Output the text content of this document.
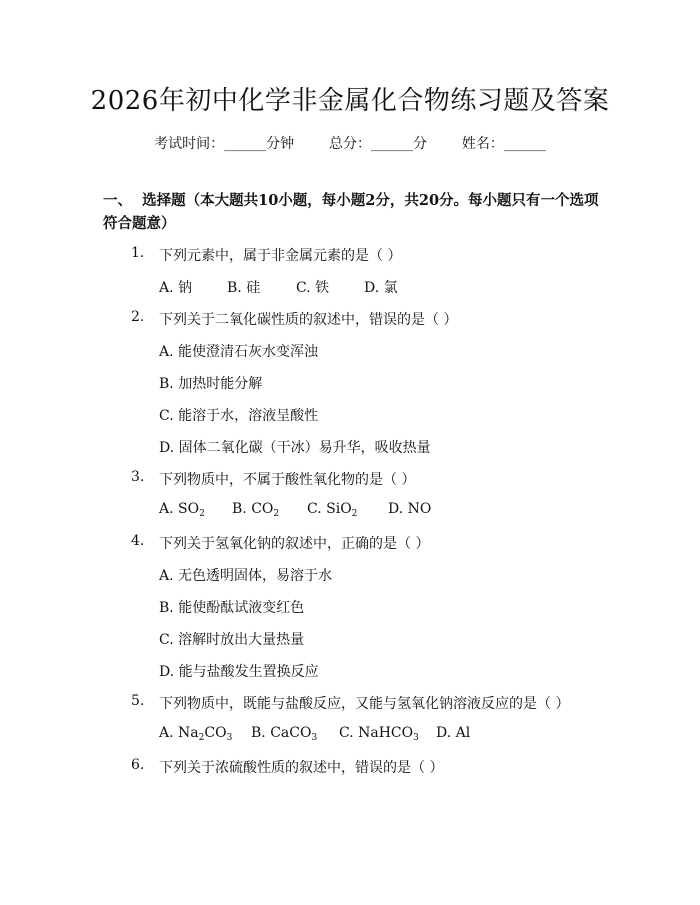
2026年初中化学非金属化合物练习题及答案
考试时间：______分钟 总分：______分 姓名：______
一、 选择题（本大题共10小题，每小题2分，共20分。每小题只有一个选项符合题意）
1. 下列元素中，属于非金属元素的是（ ）
A. 钠 B. 硅	C. 铁 D. 氯
2. 下列关于二氧化碳性质的叙述中，错误的是（ ）
A. 能使澄清石灰水变浑浊
B. 加热时能分解
C. 能溶于水，溶液呈酸性
D. 固体二氧化碳（干冰）易升华，吸收热量
3. 下列物质中，不属于酸性氧化物的是（ ）
A. $SO_2$ B. $CO_2$ C. SiO$_2$ D. NO
4. 下列关于氢氧化钠的叙述中，正确的是（ ）
A. 无色透明固体，易溶于水
B. 能使酚酞试液变红色
C. 溶解时放出大量热量
D. 能与盐酸发生置换反应
5. 下列物质中，既能与盐酸反应，又能与氢氧化钠溶液反应的是（ ）
A. $Na_2CO_3$ B. CaCO$_3$ C. NaHCO$_3$ D. Al
6. 下列关于浓硫酸性质的叙述中，错误的是（ ）
